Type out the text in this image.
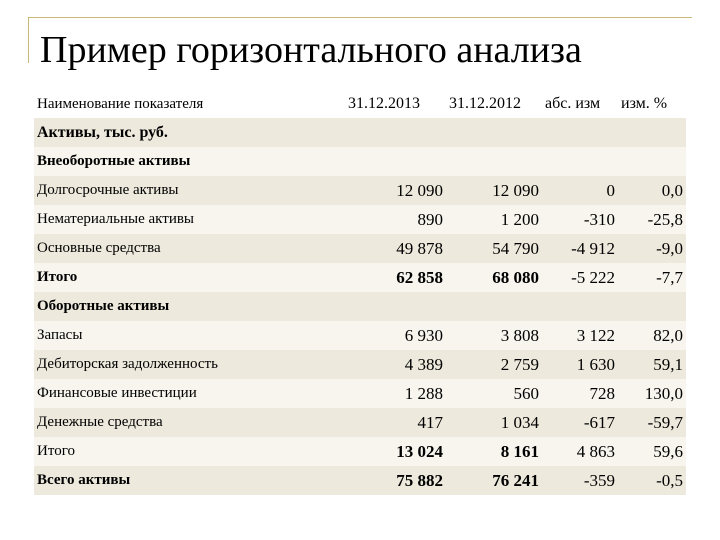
Пример горизонтального анализа
Наименование показателя	31.12.2013	31.12.2012	абс. изм	изм. %
Активы, тыс. руб.				
Внеоборотные активы				
Долгосрочные активы	12 090	12 090	0	0,0
Нематериальные активы	890	1 200	-310	-25,8
Основные средства	49 878	54 790	-4 912	-9,0
Итого	62 858	68 080	-5 222	-7,7
Оборотные активы				
Запасы	6 930	3 808	3 122	82,0
Дебиторская задолженность	4 389	2 759	1 630	59,1
Финансовые инвестиции	1 288	560	728	130,0
Денежные средства	417	1 034	-617	-59,7
Итого	13 024	8 161	4 863	59,6
Всего активы	75 882	76 241	-359	-0,5
